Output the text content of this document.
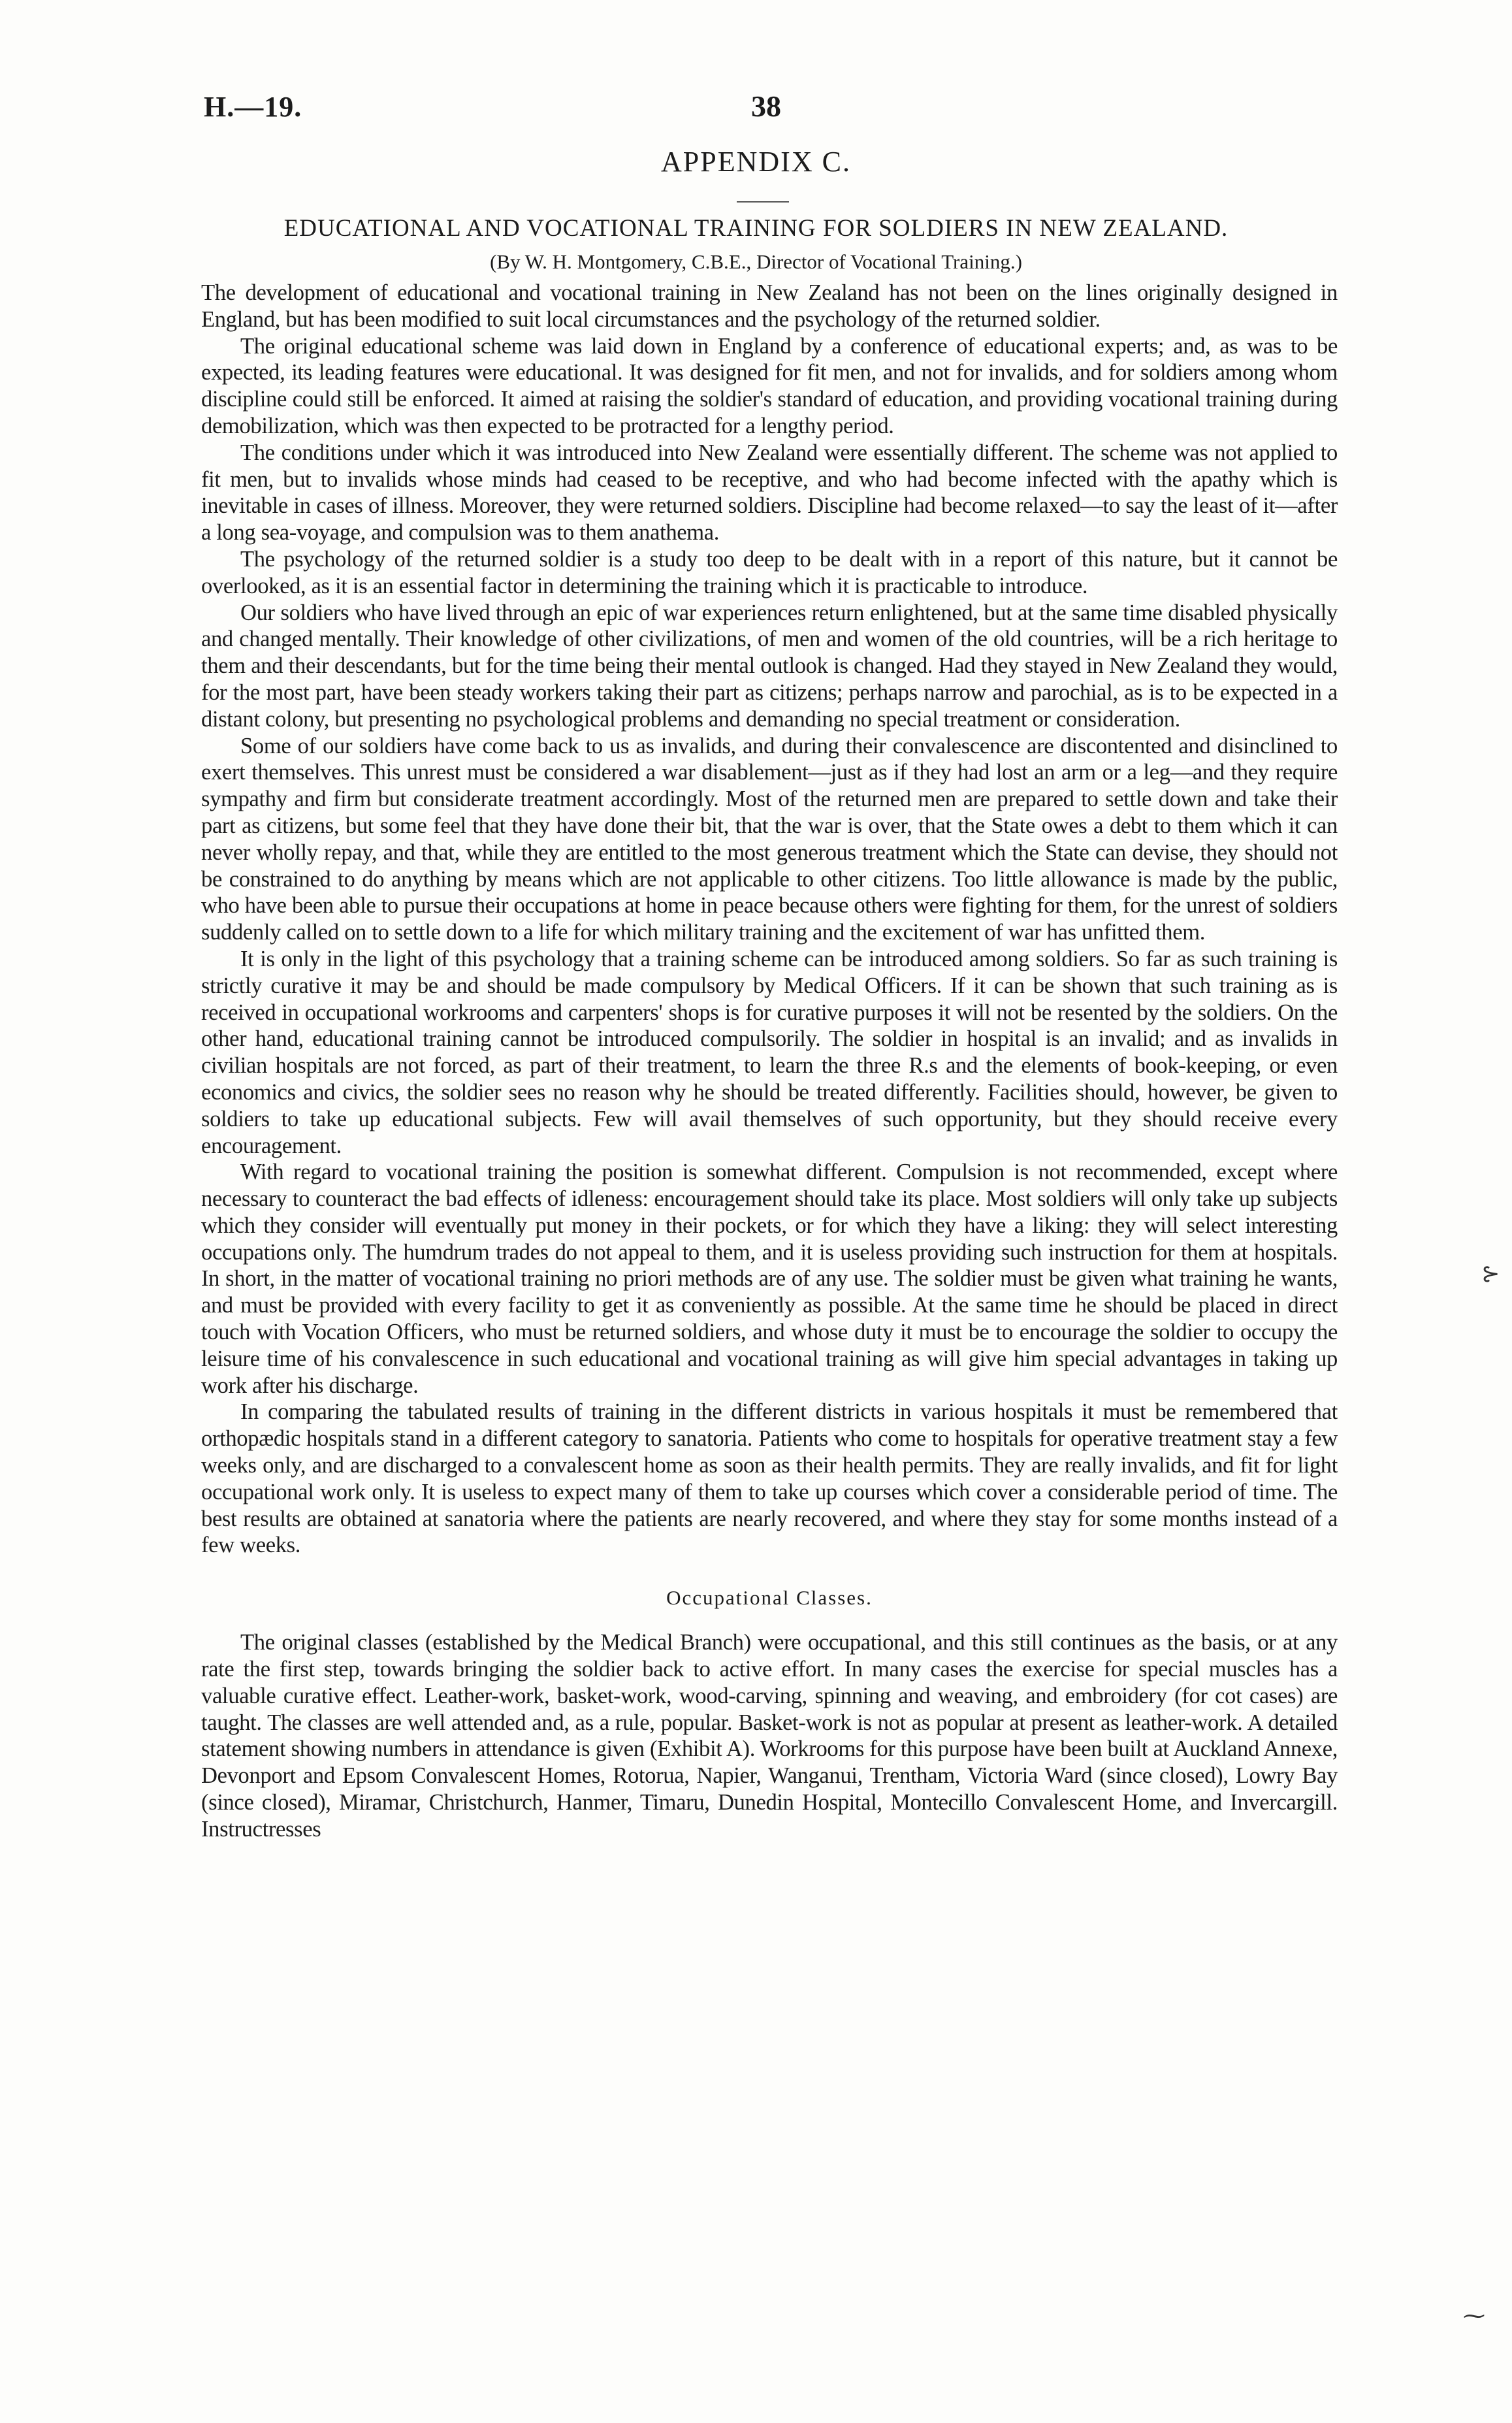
H.—19.	38
APPENDIX C.
EDUCATIONAL AND VOCATIONAL TRAINING FOR SOLDIERS IN NEW ZEALAND.
(By W. H. Montgomery, C.B.E., Director of Vocational Training.)

The development of educational and vocational training in New Zealand has not been on the lines originally designed in England, but has been modified to suit local circumstances and the psychology of the returned soldier.

The original educational scheme was laid down in England by a conference of educational experts; and, as was to be expected, its leading features were educational. It was designed for fit men, and not for invalids, and for soldiers among whom discipline could still be enforced. It aimed at raising the soldier's standard of education, and providing vocational training during demobilization, which was then expected to be protracted for a lengthy period.

The conditions under which it was introduced into New Zealand were essentially different. The scheme was not applied to fit men, but to invalids whose minds had ceased to be receptive, and who had become infected with the apathy which is inevitable in cases of illness. Moreover, they were returned soldiers. Discipline had become relaxed—to say the least of it—after a long sea-voyage, and compulsion was to them anathema.

The psychology of the returned soldier is a study too deep to be dealt with in a report of this nature, but it cannot be overlooked, as it is an essential factor in determining the training which it is practicable to introduce.

Our soldiers who have lived through an epic of war experiences return enlightened, but at the same time disabled physically and changed mentally. Their knowledge of other civilizations, of men and women of the old countries, will be a rich heritage to them and their descendants, but for the time being their mental outlook is changed. Had they stayed in New Zealand they would, for the most part, have been steady workers taking their part as citizens; perhaps narrow and parochial, as is to be expected in a distant colony, but presenting no psychological problems and demanding no special treatment or consideration.

Some of our soldiers have come back to us as invalids, and during their convalescence are discontented and disinclined to exert themselves. This unrest must be considered a war disablement—just as if they had lost an arm or a leg—and they require sympathy and firm but considerate treatment accordingly. Most of the returned men are prepared to settle down and take their part as citizens, but some feel that they have done their bit, that the war is over, that the State owes a debt to them which it can never wholly repay, and that, while they are entitled to the most generous treatment which the State can devise, they should not be constrained to do anything by means which are not applicable to other citizens. Too little allowance is made by the public, who have been able to pursue their occupations at home in peace because others were fighting for them, for the unrest of soldiers suddenly called on to settle down to a life for which military training and the excitement of war has unfitted them.

It is only in the light of this psychology that a training scheme can be introduced among soldiers. So far as such training is strictly curative it may be and should be made compulsory by Medical Officers. If it can be shown that such training as is received in occupational workrooms and carpenters' shops is for curative purposes it will not be resented by the soldiers. On the other hand, educational training cannot be introduced compulsorily. The soldier in hospital is an invalid; and as invalids in civilian hospitals are not forced, as part of their treatment, to learn the three R.s and the elements of book-keeping, or even economics and civics, the soldier sees no reason why he should be treated differently. Facilities should, however, be given to soldiers to take up educational subjects. Few will avail themselves of such opportunity, but they should receive every encouragement.

With regard to vocational training the position is somewhat different. Compulsion is not recommended, except where necessary to counteract the bad effects of idleness: encouragement should take its place. Most soldiers will only take up subjects which they consider will eventually put money in their pockets, or for which they have a liking: they will select interesting occupations only. The humdrum trades do not appeal to them, and it is useless providing such instruction for them at hospitals. In short, in the matter of vocational training no priori methods are of any use. The soldier must be given what training he wants, and must be provided with every facility to get it as conveniently as possible. At the same time he should be placed in direct touch with Vocation Officers, who must be returned soldiers, and whose duty it must be to encourage the soldier to occupy the leisure time of his convalescence in such educational and vocational training as will give him special advantages in taking up work after his discharge.

In comparing the tabulated results of training in the different districts in various hospitals it must be remembered that orthopædic hospitals stand in a different category to sanatoria. Patients who come to hospitals for operative treatment stay a few weeks only, and are discharged to a convalescent home as soon as their health permits. They are really invalids, and fit for light occupational work only. It is useless to expect many of them to take up courses which cover a considerable period of time. The best results are obtained at sanatoria where the patients are nearly recovered, and where they stay for some months instead of a few weeks.

Occupational Classes.

The original classes (established by the Medical Branch) were occupational, and this still continues as the basis, or at any rate the first step, towards bringing the soldier back to active effort. In many cases the exercise for special muscles has a valuable curative effect. Leather-work, basket-work, wood-carving, spinning and weaving, and embroidery (for cot cases) are taught. The classes are well attended and, as a rule, popular. Basket-work is not as popular at present as leather-work. A detailed statement showing numbers in attendance is given (Exhibit A). Workrooms for this purpose have been built at Auckland Annexe, Devonport and Epsom Convalescent Homes, Rotorua, Napier, Wanganui, Trentham, Victoria Ward (since closed), Lowry Bay (since closed), Miramar, Christchurch, Hanmer, Timaru, Dunedin Hospital, Montecillo Convalescent Home, and Invercargill. Instructresses

⊱
⁓
